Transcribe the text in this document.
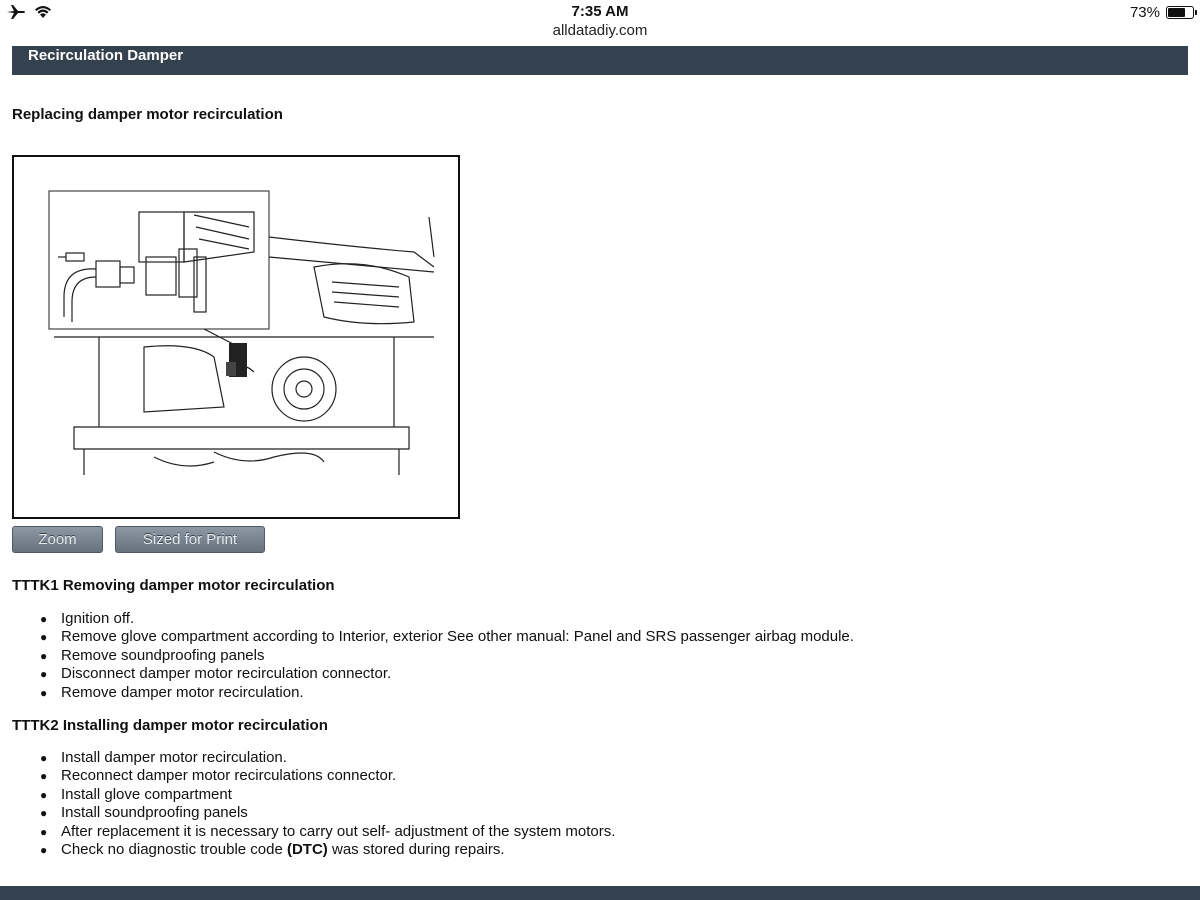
7:35 AM
alldatadiy.com
73%
Recirculation Damper
Replacing damper motor recirculation
Zoom	Sized for Print
TTTK1 Removing damper motor recirculation
● Ignition off.
● Remove glove compartment according to Interior, exterior See other manual: Panel and SRS passenger airbag module.
● Remove soundproofing panels
● Disconnect damper motor recirculation connector.
● Remove damper motor recirculation.
TTTK2 Installing damper motor recirculation
● Install damper motor recirculation.
● Reconnect damper motor recirculations connector.
● Install glove compartment
● Install soundproofing panels
● After replacement it is necessary to carry out self- adjustment of the system motors.
● Check no diagnostic trouble code (DTC) was stored during repairs.
